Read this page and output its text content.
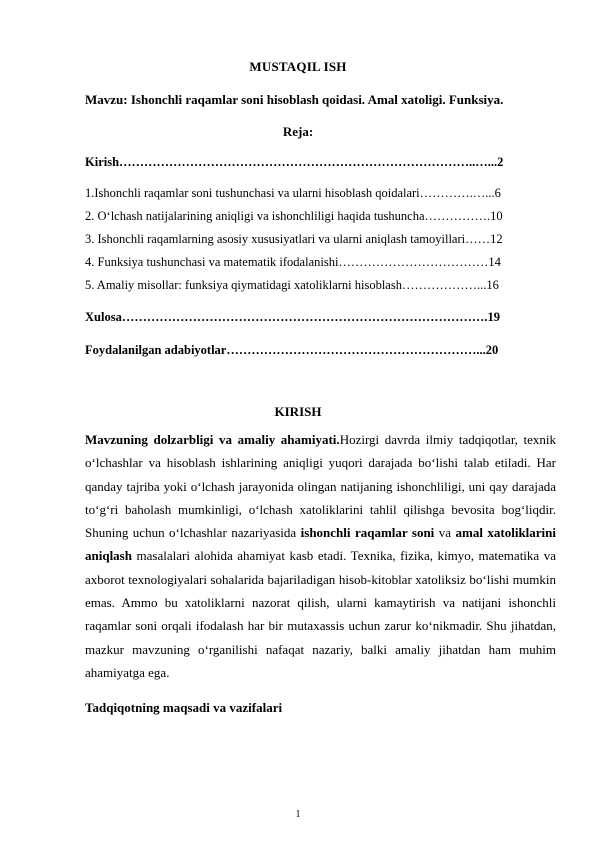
MUSTAQIL ISH
Mavzu: Ishonchli raqamlar soni hisoblash qoidasi. Amal xatoligi. Funksiya.
Reja:
Kirish…………………………………………………………………………..…...2
1.Ishonchli raqamlar soni tushunchasi va ularni hisoblash qoidalari………….…...6
2. O‘lchash natijalarining aniqligi va ishonchliligi haqida tushuncha…………….10
3. Ishonchli raqamlarning asosiy xususiyatlari va ularni aniqlash tamoyillari……12
4. Funksiya tushunchasi va matematik ifodalanishi………………………………14
5. Amaliy misollar: funksiya qiymatidagi xatoliklarni hisoblash………………...16
Xulosa…………………………………………………………………………….19
Foydalanilgan adabiyotlar……………………………………………………...20
KIRISH
Mavzuning dolzarbligi va amaliy ahamiyati.Hozirgi davrda ilmiy tadqiqotlar, texnik o‘lchashlar va hisoblash ishlarining aniqligi yuqori darajada bo‘lishi talab etiladi. Har qanday tajriba yoki o‘lchash jarayonida olingan natijaning ishonchliligi, uni qay darajada to‘g‘ri baholash mumkinligi, o‘lchash xatoliklarini tahlil qilishga bevosita bog‘liqdir. Shuning uchun o‘lchashlar nazariyasida ishonchli raqamlar soni va amal xatoliklarini aniqlash masalalari alohida ahamiyat kasb etadi. Texnika, fizika, kimyo, matematika va axborot texnologiyalari sohalarida bajariladigan hisob-kitoblar xatoliksiz bo‘lishi mumkin emas. Ammo bu xatoliklarni nazorat qilish, ularni kamaytirish va natijani ishonchli raqamlar soni orqali ifodalash har bir mutaxassis uchun zarur ko‘nikmadir. Shu jihatdan, mazkur mavzuning o‘rganilishi nafaqat nazariy, balki amaliy jihatdan ham muhim ahamiyatga ega.
Tadqiqotning maqsadi va vazifalari
1
